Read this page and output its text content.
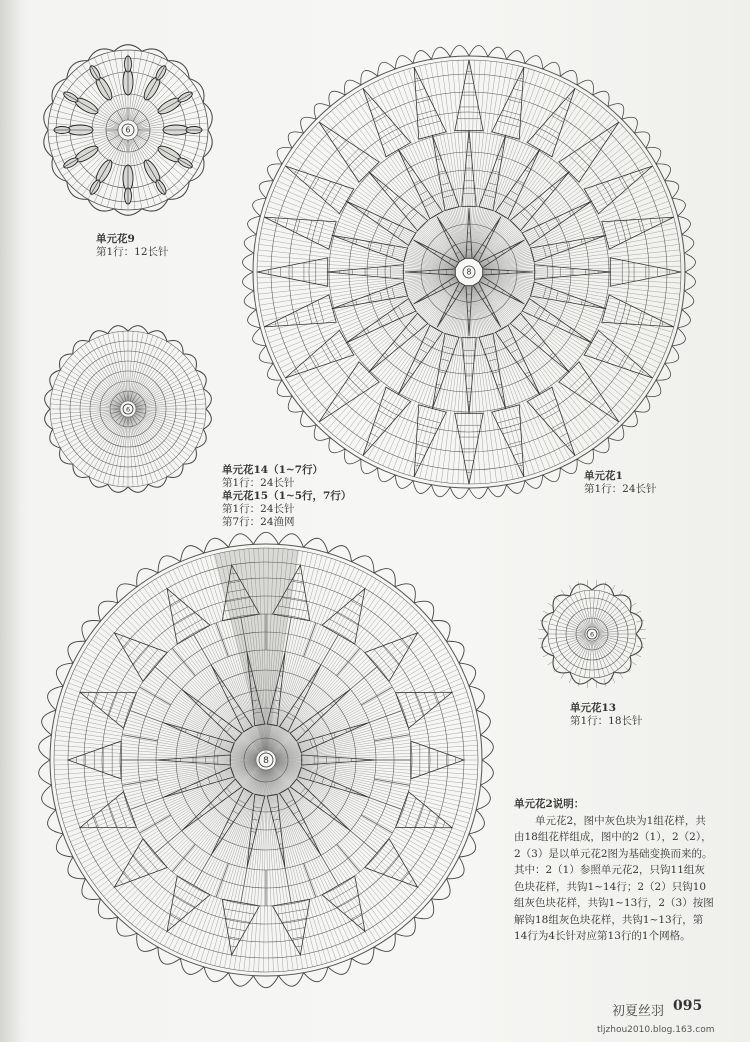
6
单元花9
第1行：12长针
8
单元花1
第1行：24长针
6
单元花14（1~7行）
第1行：24长针
单元花15（1~5行，7行）
第1行：24长针
第7行：24渔网
6
单元花13
第1行：18长针
8
单元花2说明：

单元花2，图中灰色块为1组花样，共由18组花样组成，图中的2（1），2（2），2（3）是以单元花2图为基础变换而来的。其中：2（1）参照单元花2，只钩11组灰色块花样，共钩1~14行；2（2）只钩10组灰色块花样，共钩1~13行，2（3）按图解钩18组灰色块花样，共钩1~13行，第14行为4长针对应第13行的1个网格。

初夏丝羽 095
tljzhou2010.blog.163.com
